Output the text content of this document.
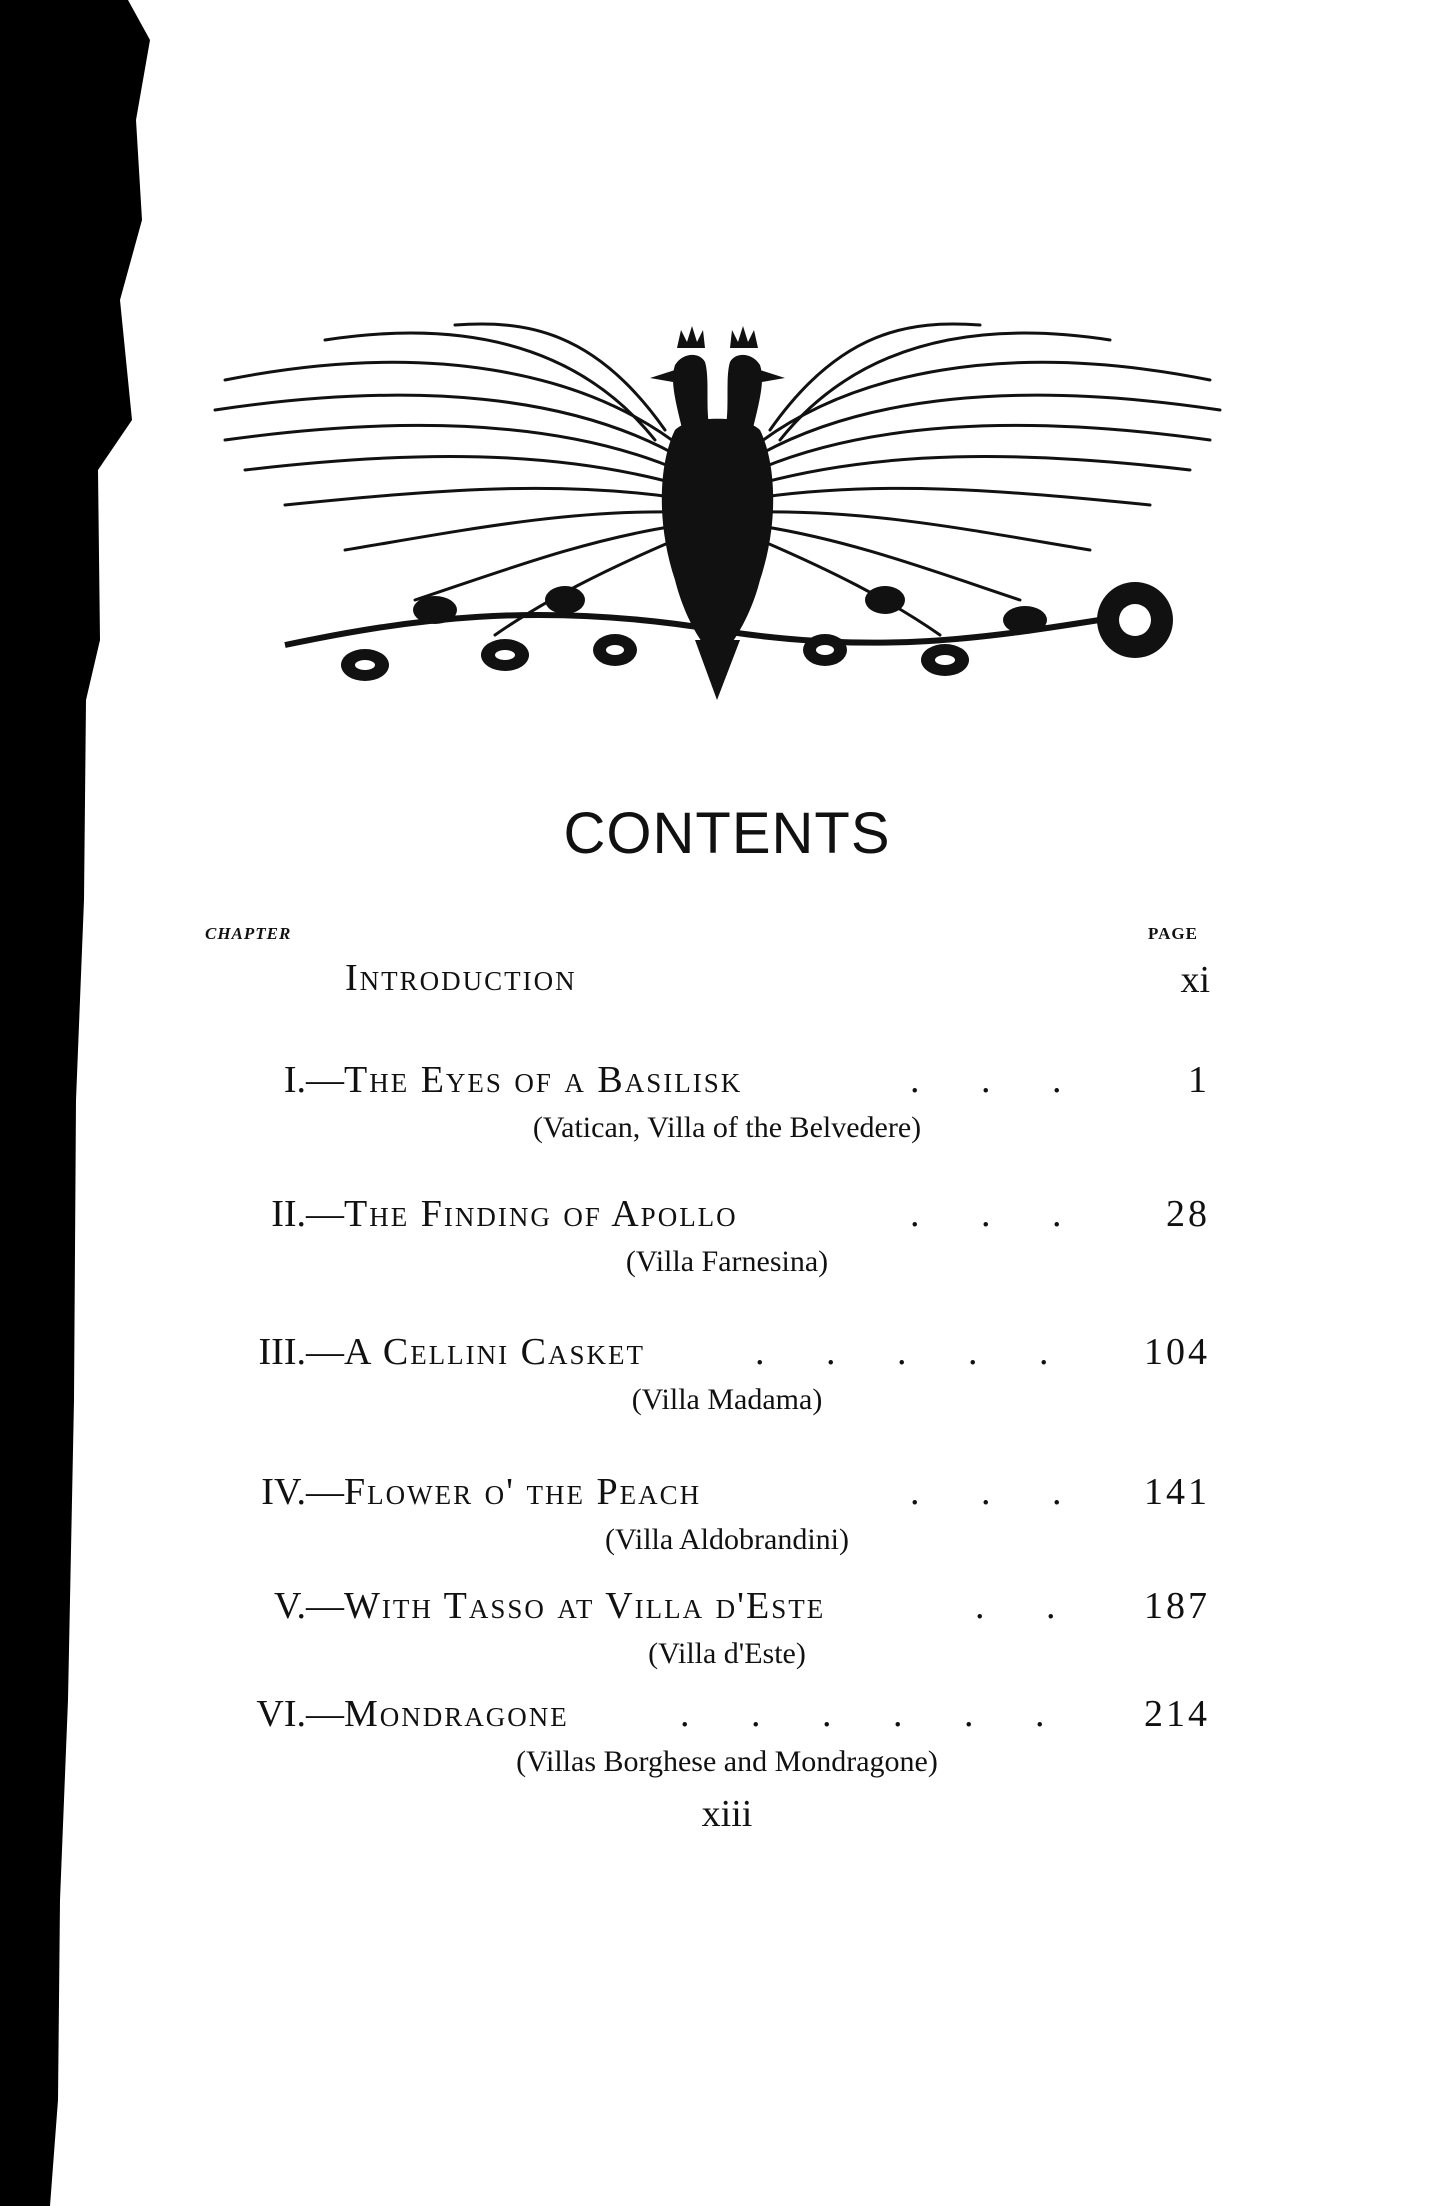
CONTENTS
CHAPTER	PAGE
Introduction	xi
I.— The Eyes of a Basilisk	. . .	1
(Vatican, Villa of the Belvedere)
II.— The Finding of Apollo	. . . 28
(Villa Farnesina)
III.— A Cellini Casket	. . . . . 104
(Villa Madama)
IV.— Flower o' the Peach	. . . 141
(Villa Aldobrandini)
V.— With Tasso at Villa d'Este	. . 187
(Villa d'Este)
VI.— Mondragone	. . . . . . 214
(Villas Borghese and Mondragone)
xiii
